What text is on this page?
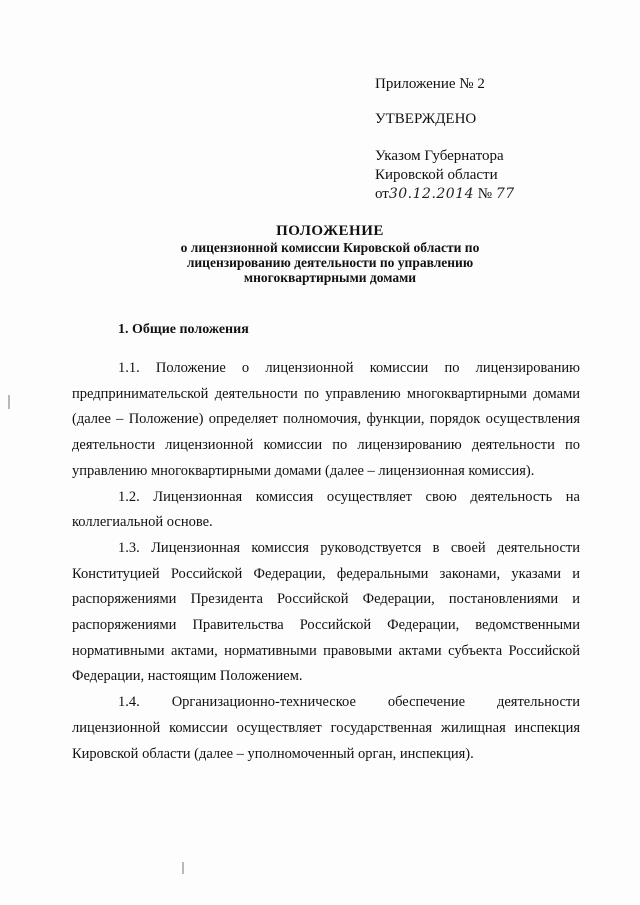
Приложение № 2
УТВЕРЖДЕНО
Указом Губернатора
Кировской области
от30.12.2014 № 77
ПОЛОЖЕНИЕ
о лицензионной комиссии Кировской области по
лицензированию деятельности по управлению
многоквартирными домами
1. Общие положения

1.1. Положение о лицензионной комиссии по лицензированию предпринимательской деятельности по управлению многоквартирными домами (далее – Положение) определяет полномочия, функции, порядок осуществления деятельности лицензионной комиссии по лицензированию деятельности по управлению многоквартирными домами (далее – лицензионная комиссия).

1.2. Лицензионная комиссия осуществляет свою деятельность на коллегиальной основе.

1.3. Лицензионная комиссия руководствуется в своей деятельности Конституцией Российской Федерации, федеральными законами, указами и распоряжениями Президента Российской Федерации, постановлениями и распоряжениями Правительства Российской Федерации, ведомственными нормативными актами, нормативными правовыми актами субъекта Российской Федерации, настоящим Положением.

1.4. Организационно-техническое обеспечение деятельности лицензионной комиссии осуществляет государственная жилищная инспекция Кировской области (далее – уполномоченный орган, инспекция).
